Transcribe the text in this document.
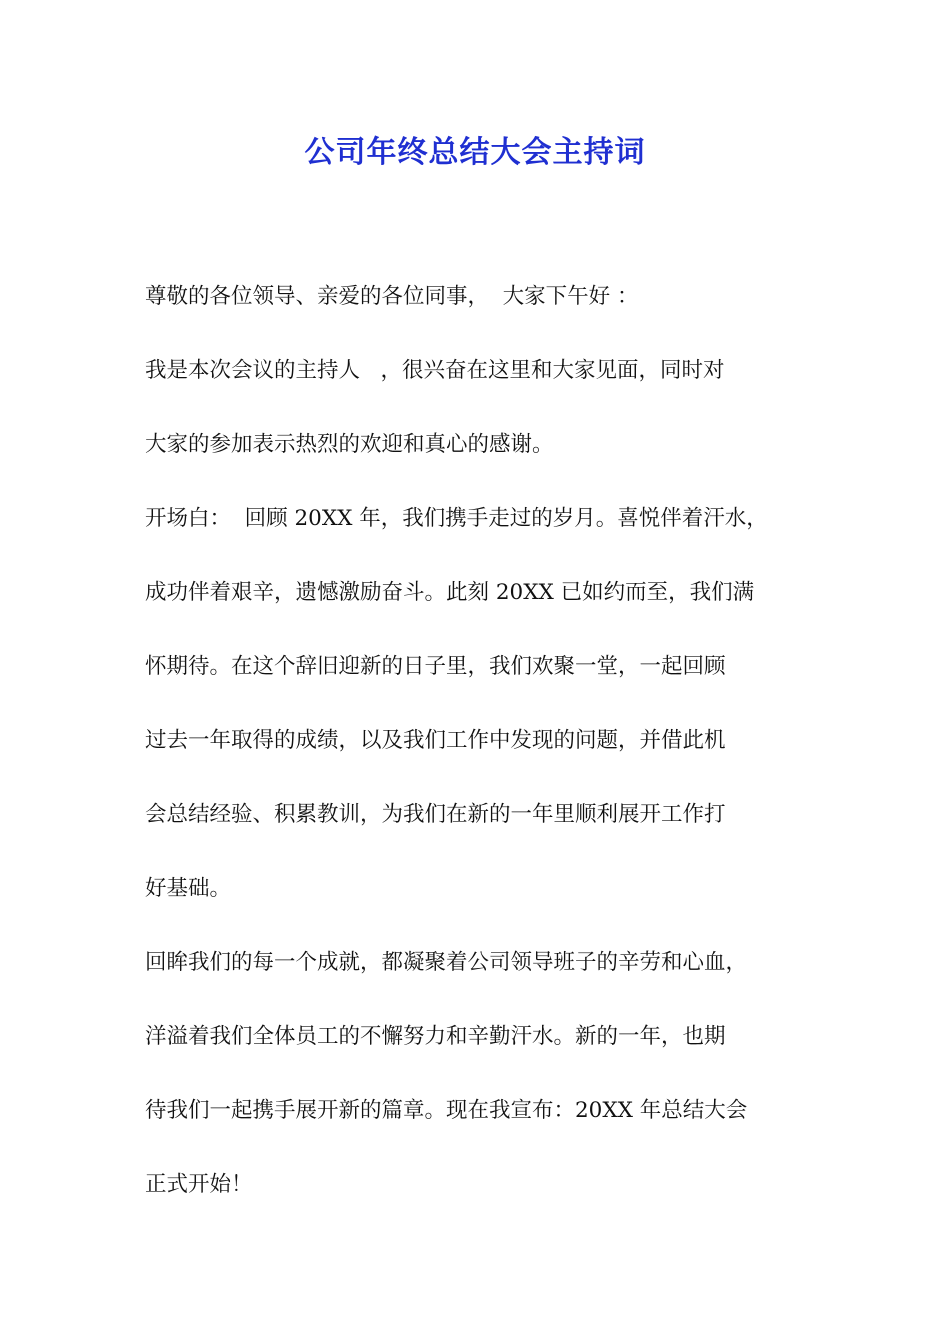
公司年终总结大会主持词
尊敬的各位领导、亲爱的各位同事，  大家下午好 ：
我是本次会议的主持人   ，很兴奋在这里和大家见面，同时对
大家的参加表示热烈的欢迎和真心的感谢。
开场白：  回顾 20XX 年，我们携手走过的岁月。喜悦伴着汗水，
成功伴着艰辛，遗憾激励奋斗。此刻 20XX 已如约而至，我们满
怀期待。在这个辞旧迎新的日子里，我们欢聚一堂，一起回顾
过去一年取得的成绩，以及我们工作中发现的问题，并借此机
会总结经验、积累教训，为我们在新的一年里顺利展开工作打
好基础。
回眸我们的每一个成就，都凝聚着公司领导班子的辛劳和心血，
洋溢着我们全体员工的不懈努力和辛勤汗水。新的一年，也期
待我们一起携手展开新的篇章。现在我宣布：20XX 年总结大会
正式开始！
